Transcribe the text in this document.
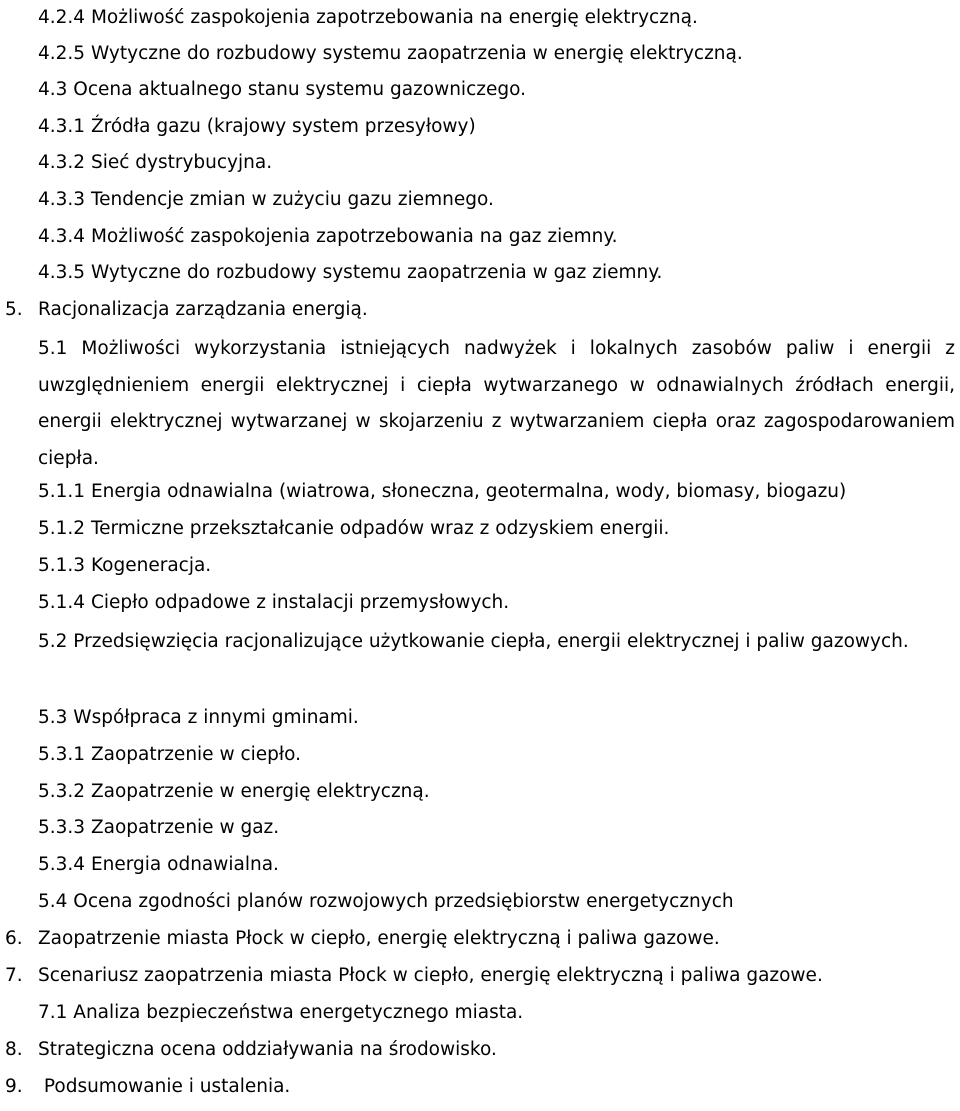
4.2.4 Możliwość zaspokojenia zapotrzebowania na energię elektryczną.
4.2.5 Wytyczne do rozbudowy systemu zaopatrzenia w energię elektryczną.
4.3 Ocena aktualnego stanu systemu gazowniczego.
4.3.1 Źródła gazu (krajowy system przesyłowy)
4.3.2 Sieć dystrybucyjna.
4.3.3 Tendencje zmian w zużyciu gazu ziemnego.
4.3.4 Możliwość zaspokojenia zapotrzebowania na gaz ziemny.
4.3.5 Wytyczne do rozbudowy systemu zaopatrzenia w gaz ziemny.
5. Racjonalizacja zarządzania energią.
5.1 Możliwości wykorzystania istniejących nadwyżek i lokalnych zasobów paliw i energii z uwzględnieniem energii elektrycznej i ciepła wytwarzanego w odnawialnych źródłach energii, energii elektrycznej wytwarzanej w skojarzeniu z wytwarzaniem ciepła oraz zagospodarowaniem ciepła.
5.1.1 Energia odnawialna (wiatrowa, słoneczna, geotermalna, wody, biomasy, biogazu)
5.1.2 Termiczne przekształcanie odpadów wraz z odzyskiem energii.
5.1.3 Kogeneracja.
5.1.4 Ciepło odpadowe z instalacji przemysłowych.
5.2 Przedsięwzięcia racjonalizujące użytkowanie ciepła, energii elektrycznej i paliw gazowych.
5.3 Współpraca z innymi gminami.
5.3.1 Zaopatrzenie w ciepło.
5.3.2 Zaopatrzenie w energię elektryczną.
5.3.3 Zaopatrzenie w gaz.
5.3.4 Energia odnawialna.
5.4 Ocena zgodności planów rozwojowych przedsiębiorstw energetycznych
6. Zaopatrzenie miasta Płock w ciepło, energię elektryczną i paliwa gazowe.
7. Scenariusz zaopatrzenia miasta Płock w ciepło, energię elektryczną i paliwa gazowe.
7.1 Analiza bezpieczeństwa energetycznego miasta.
8. Strategiczna ocena oddziaływania na środowisko.
9. Podsumowanie i ustalenia.
